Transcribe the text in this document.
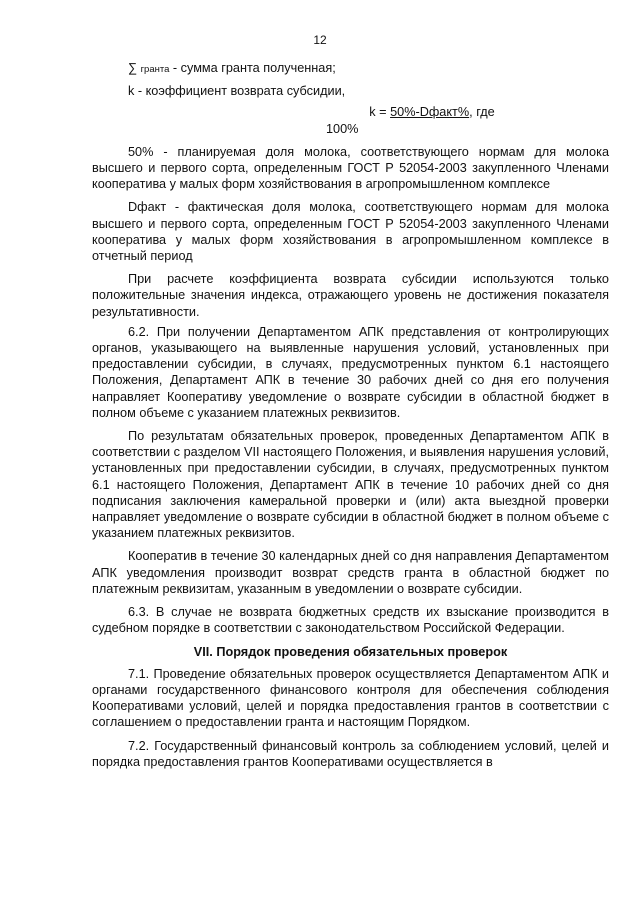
12

∑ гранта - сумма гранта полученная;

k - коэффициент возврата субсидии,

k = 50%-Dфакт%, где
100%

50% - планируемая доля молока, соответствующего нормам для молока высшего и первого сорта, определенным ГОСТ Р 52054-2003 закупленного Членами кооператива у малых форм хозяйствования в агропромышленном комплексе

Dфакт - фактическая доля молока, соответствующего нормам для молока высшего и первого сорта, определенным ГОСТ Р 52054-2003 закупленного Членами кооператива у малых форм хозяйствования в агропромышленном комплексе в отчетный период

При расчете коэффициента возврата субсидии используются только положительные значения индекса, отражающего уровень не достижения показателя результативности.

6.2. При получении Департаментом АПК представления от контролирующих органов, указывающего на выявленные нарушения условий, установленных при предоставлении субсидии, в случаях, предусмотренных пунктом 6.1 настоящего Положения, Департамент АПК в течение 30 рабочих дней со дня его получения направляет Кооперативу уведомление о возврате субсидии в областной бюджет в полном объеме с указанием платежных реквизитов.

По результатам обязательных проверок, проведенных Департаментом АПК в соответствии с разделом VII настоящего Положения, и выявления нарушения условий, установленных при предоставлении субсидии, в случаях, предусмотренных пунктом 6.1 настоящего Положения, Департамент АПК в течение 10 рабочих дней со дня подписания заключения камеральной проверки и (или) акта выездной проверки направляет уведомление о возврате субсидии в областной бюджет в полном объеме с указанием платежных реквизитов.

Кооператив в течение 30 календарных дней со дня направления Департаментом АПК уведомления производит возврат средств гранта в областной бюджет по платежным реквизитам, указанным в уведомлении о возврате субсидии.

6.3. В случае не возврата бюджетных средств их взыскание производится в судебном порядке в соответствии с законодательством Российской Федерации.

VII. Порядок проведения обязательных проверок

7.1. Проведение обязательных проверок осуществляется Департаментом АПК и органами государственного финансового контроля для обеспечения соблюдения Кооперативами условий, целей и порядка предоставления грантов в соответствии с соглашением о предоставлении гранта и настоящим Порядком.

7.2. Государственный финансовый контроль за соблюдением условий, целей и порядка предоставления грантов Кооперативами осуществляется в
